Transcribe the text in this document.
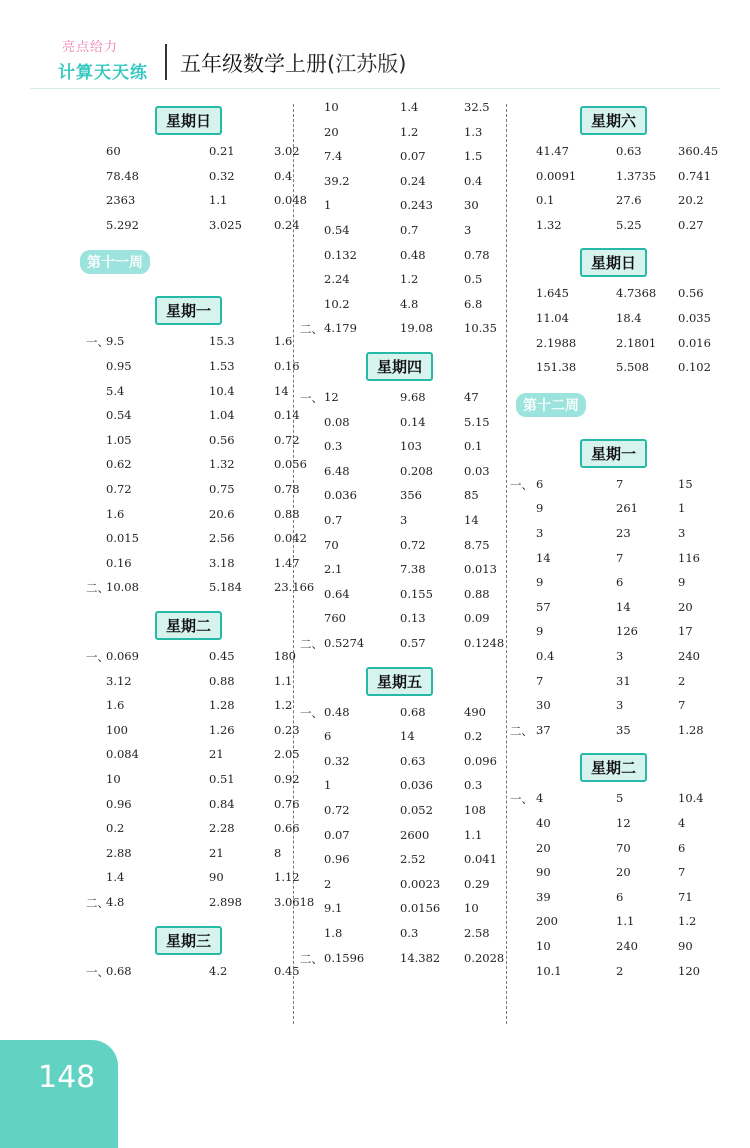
亮点给力
计算天天练 五年级数学上册(江苏版)
星期日
60	0.21	3.02
78.48	0.32	0.4
2363	1.1	0.048
5.292	3.025	0.24
第十一周
星期一
一、
9.5	15.3	1.6
0.95	1.53	0.16
5.4	10.4	14
0.54	1.04	0.14
1.05	0.56	0.72
0.62	1.32	0.056
0.72	0.75	0.78
1.6	20.6	0.88
0.015	2.56	0.042
0.16	3.18	1.47
二、
10.08	5.184	23.166
星期二
一、
0.069	0.45	180
3.12	0.88	1.1
1.6	1.28	1.2
100	1.26	0.23
0.084	21	2.05
10	0.51	0.92
0.96	0.84	0.76
0.2	2.28	0.66
2.88	21	8
1.4	90	1.12
二、
4.8	2.898	3.0618
星期三
一、
0.68	4.2	0.45
10	1.4	32.5
20	1.2	1.3
7.4	0.07	1.5
39.2	0.24	0.4
1	0.243	30
0.54	0.7	3
0.132	0.48	0.78
2.24	1.2	0.5
10.2	4.8	6.8
二、 4.179	19.08	10.35
星期四
一、 12	9.68	47
0.08	0.14	5.15
0.3	103	0.1
6.48	0.208	0.03
0.036	356	85
0.7	3	14
70	0.72	8.75
2.1	7.38	0.013
0.64	0.155	0.88
760	0.13	0.09
二、 0.5274	0.57	0.1248
星期五
一、 0.48	0.68	490
6	14	0.2
0.32	0.63	0.096
1	0.036	0.3
0.72	0.052	108
0.07	2600	1.1
0.96	2.52	0.041
2	0.0023 0.29
9.1	0.0156 10
1.8	0.3	2.58
二、 0.1596	14.382 0.2028
星期六
41.47	0.63	360.45
0.0091	1.3735 0.741
0.1	27.6	20.2
1.32	5.25	0.27
星期日
1.645	4.7368 0.56
11.04	18.4	0.035
2.1988	2.1801 0.016
151.38	5.508	0.102
第十二周
星期一
一、 6	7	15
9	261	1
3	23	3
14	7	116
9	6	9
57	14	20
9	126	17
0.4	3	240
7	31	2
30	3	7
二、 37	35	1.28
星期二
一、 4	5	10.4
40	12	4
20	70	6
90	20	7
39	6	71
200	1.1	1.2
10	240	90
10.1	2	120
148
